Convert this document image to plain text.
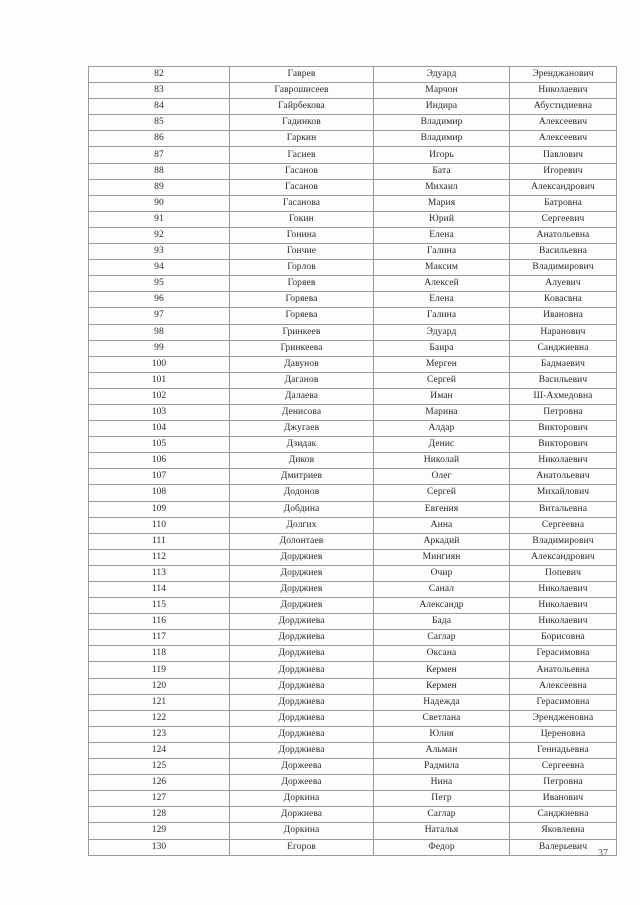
82	Гаврев	Эдуард	Эренджанович
83	Гаврошисеев	Марчон	Николаевич
84	Гайрбекова	Индира	Абустидиевна
85	Гадинков	Владимир	Алексеевич
86	Гаркин	Владимир	Алексеевич
87	Гасиев	Игорь	Павлович
88	Гасанов	Бата	Игоревич
89	Гасанов	Михаил	Александрович
90	Гасанова	Мария	Батровна
91	Гокин	Юрий	Сергеевич
92	Гонина	Елена	Анатольевна
93	Гончие	Галина	Васильевна
94	Горлов	Максим	Владимирович
95	Горяев	Алексей	Алуевич
96	Горяева	Елена	Ковасвна
97	Горяева	Галина	Ивановна
98	Гринкеев	Эдуард	Наранович
99	Гринкеева	Баира	Санджиевна
100	Давунов	Мерген	Бадмаевич
101	Даганов	Сергей	Васильевич
102	Далаева	Иман	Ш-Ахмедовна
103	Денисова	Марина	Петровна
104	Джугаев	Алдар	Викторович
105	Дзидак	Денис	Викторович
106	Диков	Николай	Николаевич
107	Дмитриев	Олег	Анатольевич
108	Додонов	Сергей	Михайлович
109	Добдина	Евгения	Витальевна
110	Долгих	Анна	Сергеевна
111	Долонтаев	Аркадий	Владимирович
112	Дорджиев	Мингиян	Александрович
113	Дорджиев	Очир	Попевич
114	Дорджиев	Санал	Николаевич
115	Дорджиев	Александр	Николаевич
116	Дорджиева	Бада	Николаевич
117	Дорджиева	Саглар	Борисовна
118	Дорджиева	Оксана	Герасимовна
119	Дорджиева	Кермен	Анатольевна
120	Дорджиева	Кермен	Алексеевна
121	Дорджиева	Надежда	Герасимовна
122	Дорджиева	Светлана	Эрендженовна
123	Дорджиева	Юлия	Цереновна
124	Дорджиева	Альман	Геннадьевна
125	Доржеева	Радмила	Сергеевна
126	Доржеева	Нина	Петровна
127	Доркина	Петр	Иванович
128	Доржиева	Саглар	Санджиевна
129	Доркина	Наталья	Яковлевна
130	Егоров	Федор	Валерьевич
37
